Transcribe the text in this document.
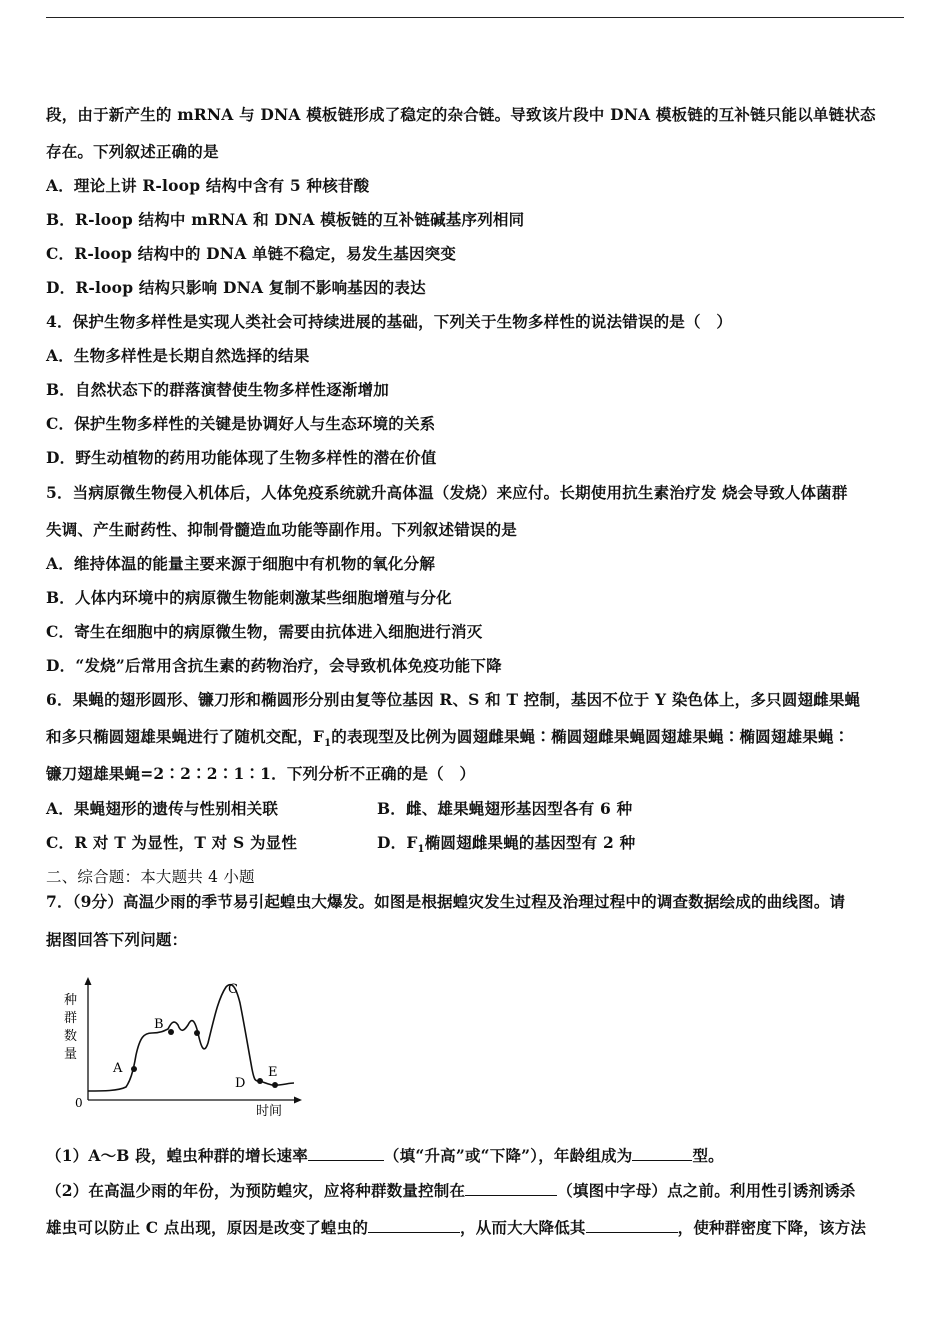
段，由于新产生的 mRNA 与 DNA 模板链形成了稳定的杂合链。导致该片段中 DNA 模板链的互补链只能以单链状态
存在。下列叙述正确的是
A．理论上讲 R-loop 结构中含有 5 种核苷酸
B．R-loop 结构中 mRNA 和 DNA 模板链的互补链碱基序列相同
C．R-loop 结构中的 DNA 单链不稳定，易发生基因突变
D．R-loop 结构只影响 DNA 复制不影响基因的表达
4．保护生物多样性是实现人类社会可持续进展的基础，下列关于生物多样性的说法错误的是（　）
A．生物多样性是长期自然选择的结果
B．自然状态下的群落演替使生物多样性逐渐增加
C．保护生物多样性的关键是协调好人与生态环境的关系
D．野生动植物的药用功能体现了生物多样性的潜在价值
5．当病原微生物侵入机体后，人体免疫系统就升高体温（发烧）来应付。长期使用抗生素治疗发 烧会导致人体菌群
失调、产生耐药性、抑制骨髓造血功能等副作用。下列叙述错误的是
A．维持体温的能量主要来源于细胞中有机物的氧化分解
B．人体内环境中的病原微生物能刺激某些细胞增殖与分化
C．寄生在细胞中的病原微生物，需要由抗体进入细胞进行消灭
D．“发烧”后常用含抗生素的药物治疗，会导致机体免疫功能下降
6．果蝇的翅形圆形、镰刀形和椭圆形分别由复等位基因 R、S 和 T 控制，基因不位于 Y 染色体上，多只圆翅雌果蝇
和多只椭圆翅雄果蝇进行了随机交配，$F_1$的表现型及比例为圆翅雌果蝇∶椭圆翅雌果蝇圆翅雄果蝇∶椭圆翅雄果蝇∶
镰刀翅雄果蝇=2∶2∶2∶1∶1．下列分析不正确的是（　）
A．果蝇翅形的遗传与性别相关联	B．雌、雄果蝇翅形基因型各有 6 种
C．R 对 T 为显性，T 对 S 为显性	D．$F_1$椭圆翅雌果蝇的基因型有 2 种
二、综合题：本大题共 4 小题
7．（9分）高温少雨的季节易引起蝗虫大爆发。如图是根据蝗灾发生过程及治理过程中的调查数据绘成的曲线图。请
据图回答下列问题：
种
群
数
量
0
时间
A
B
C
D
E
（1）A～B 段，蝗虫种群的增长速率	（填“升高”或“下降”），年龄组成为	型。
（2）在高温少雨的年份，为预防蝗灾，应将种群数量控制在	（填图中字母）点之前。利用性引诱剂诱杀
雄虫可以防止 C 点出现，原因是改变了蝗虫的	，从而大大降低其	，使种群密度下降，该方法
